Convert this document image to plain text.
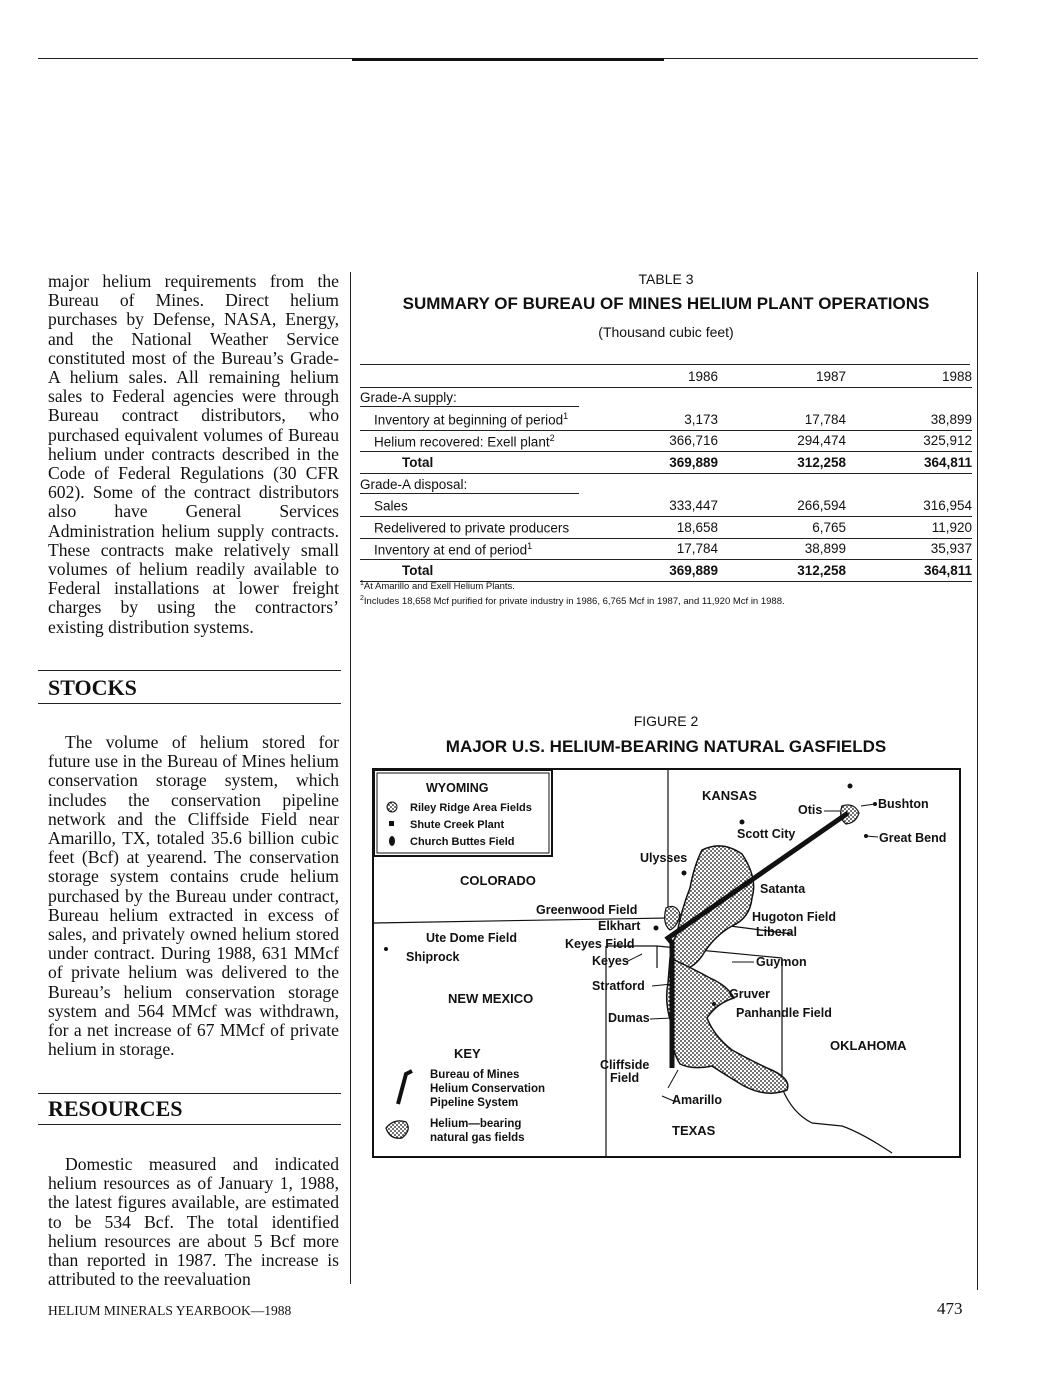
major helium requirements from the Bureau of Mines. Direct helium purchases by Defense, NASA, Energy, and the National Weather Service constituted most of the Bureau’s Grade-A helium sales. All remaining helium sales to Federal agencies were through Bureau contract distributors, who purchased equivalent volumes of Bureau helium under contracts described in the Code of Federal Regulations (30 CFR 602). Some of the contract distributors also have General Services Administration helium supply contracts. These contracts make relatively small volumes of helium readily available to Federal installations at lower freight charges by using the contractors’ existing distribution systems.
STOCKS
The volume of helium stored for future use in the Bureau of Mines helium conservation storage system, which includes the conservation pipeline network and the Cliffside Field near Amarillo, TX, totaled 35.6 billion cubic feet (Bcf) at yearend. The conservation storage system contains crude helium purchased by the Bureau under contract, Bureau helium extracted in excess of sales, and privately owned helium stored under contract. During 1988, 631 MMcf of private helium was delivered to the Bureau’s helium conservation storage system and 564 MMcf was withdrawn, for a net increase of 67 MMcf of private helium in storage.
RESOURCES
Domestic measured and indicated helium resources as of January 1, 1988, the latest figures available, are estimated to be 534 Bcf. The total identified helium resources are about 5 Bcf more than reported in 1987. The increase is attributed to the reevaluation
TABLE 3
SUMMARY OF BUREAU OF MINES HELIUM PLANT OPERATIONS
(Thousand cubic feet)
	1986	1987	1988
Grade-A supply:			
Inventory at beginning of period$^1$	3,173	17,784	38,899
Helium recovered: Exell plant$^2$	366,716	294,474	325,912
Total	369,889	312,258	364,811
Grade-A disposal:			
Sales	333,447	266,594	316,954
Redelivered to private producers	18,658	6,765	11,920
Inventory at end of period$^1$	17,784	38,899	35,937
Total	369,889	312,258	364,811
$^1$At Amarillo and Exell Helium Plants.
$^2$Includes 18,658 Mcf purified for private industry in 1986, 6,765 Mcf in 1987, and 11,920 Mcf in 1988.
FIGURE 2
MAJOR U.S. HELIUM-BEARING NATURAL GASFIELDS
WYOMING
Riley Ridge Area Fields
Shute Creek Plant
Church Buttes Field
KANSAS
COLORADO
NEW MEXICO
OKLAHOMA
TEXAS
Otis	Bushton
Great Bend
Scott City
Ulysses
Satanta
Greenwood Field
Elkhart
Hugoton Field
Liberal
Ute Dome Field	Keyes Field
Keyes	Guymon
Shiprock
Stratford
Gruver
Panhandle Field
Dumas
Cliffside
Field
Amarillo
KEY
Bureau of Mines
Helium Conservation
Pipeline System
Helium—bearing
natural gas fields
HELIUM MINERALS YEARBOOK—1988	473
